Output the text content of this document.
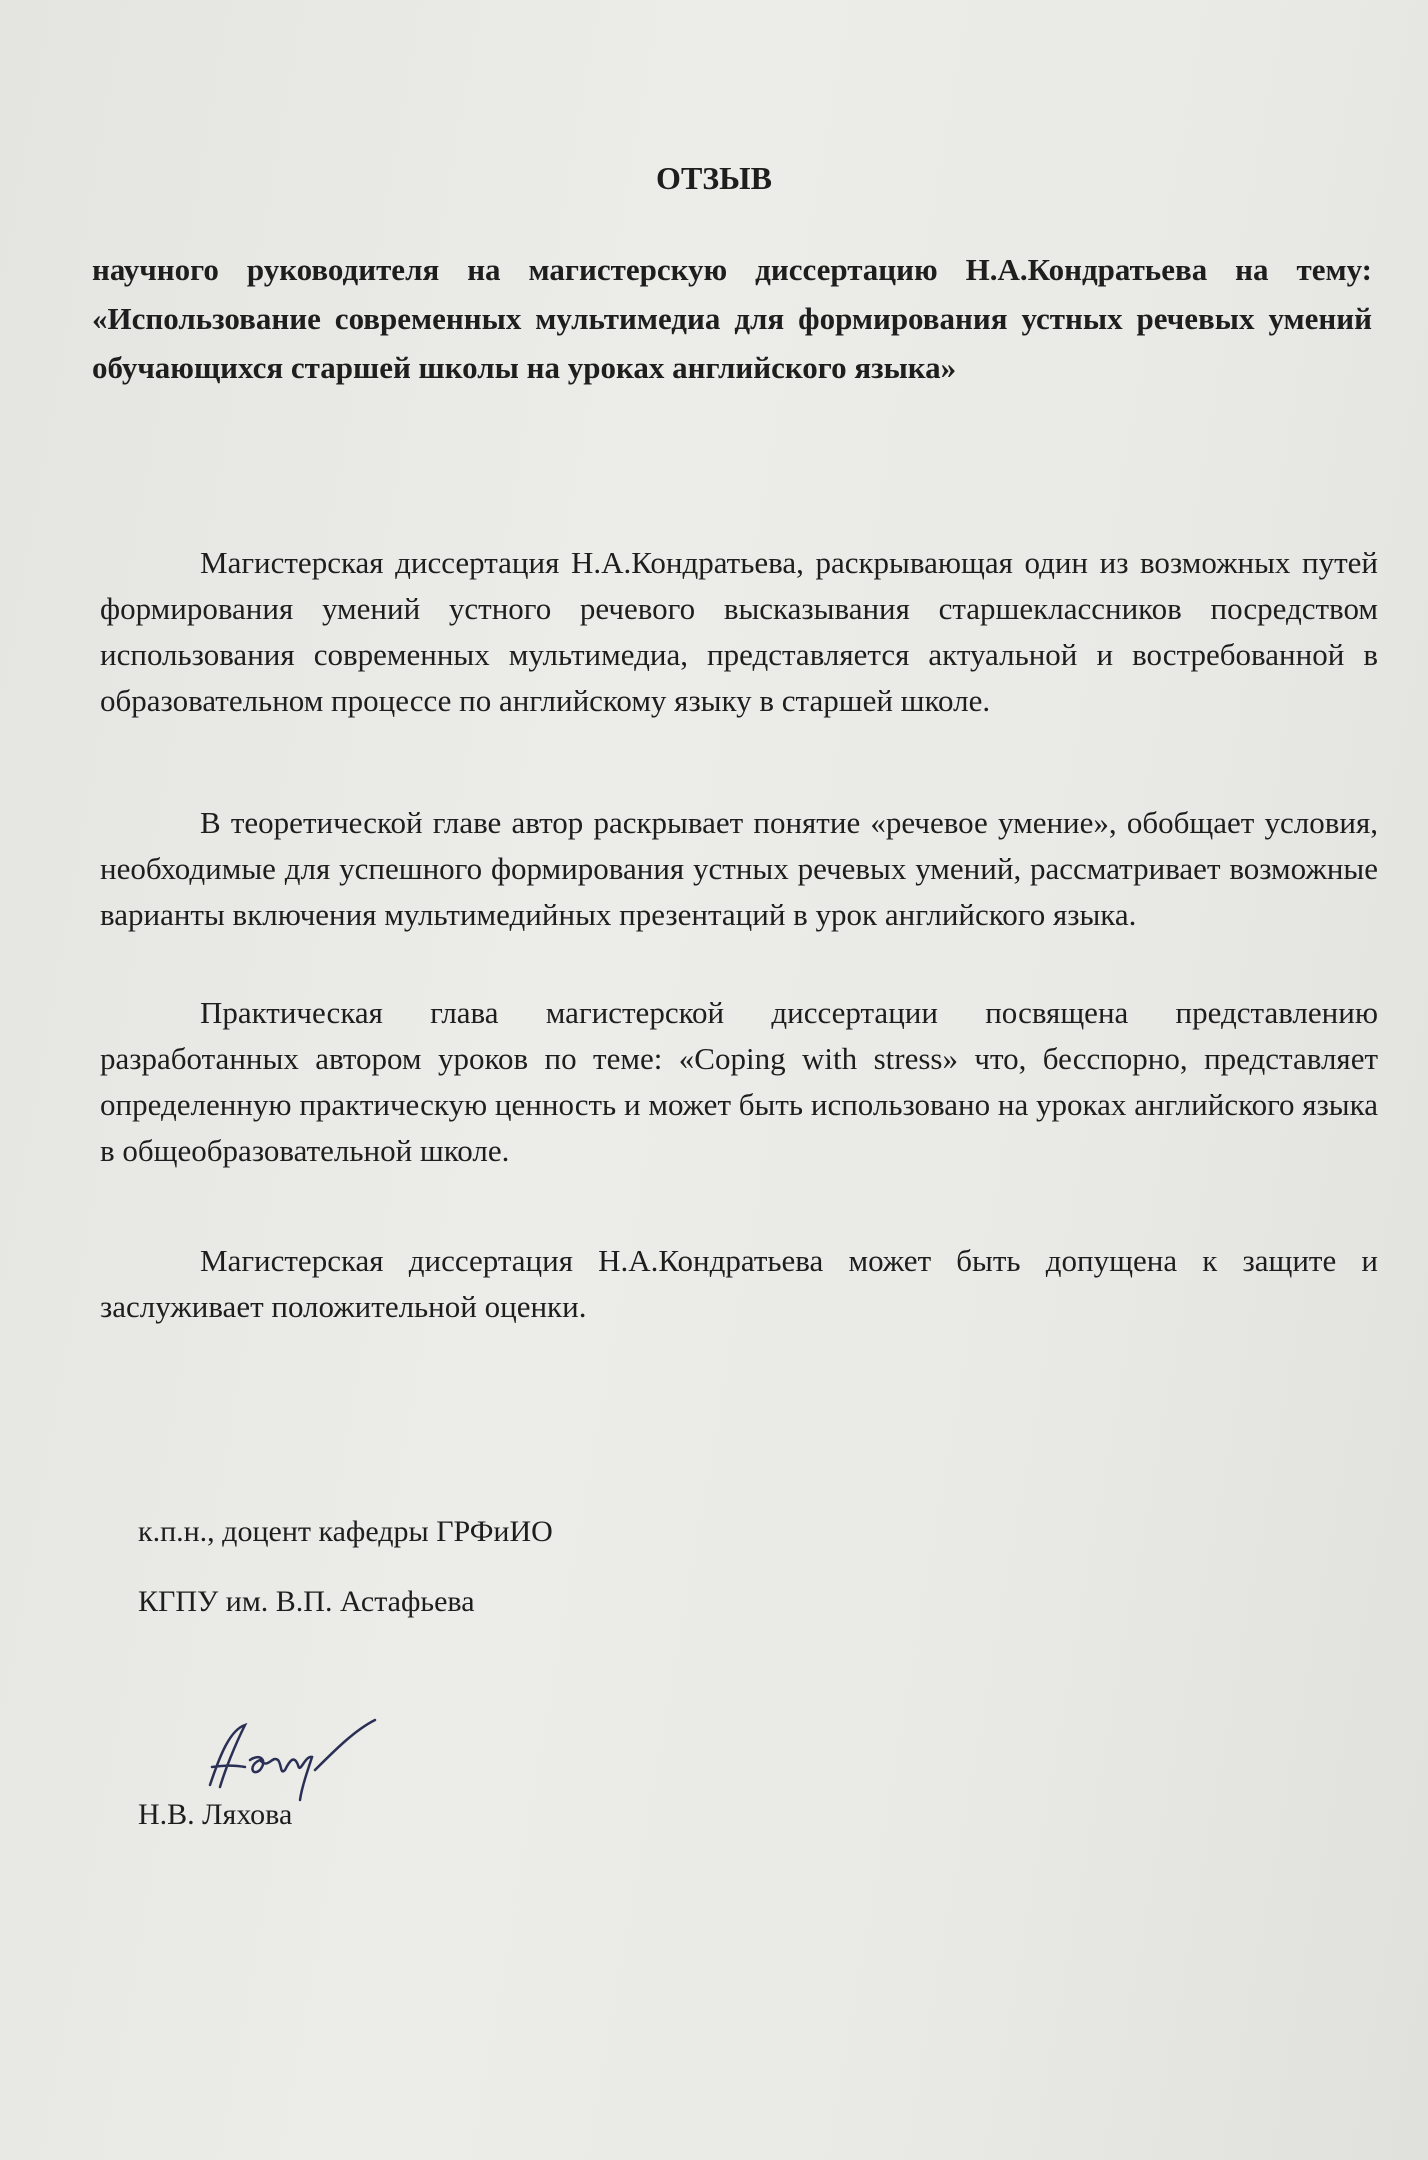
ОТЗЫВ
научного руководителя на магистерскую диссертацию Н.А.Кондратьева на тему: «Использование современных мультимедиа для формирования устных речевых умений обучающихся старшей школы на уроках английского языка»

Магистерская диссертация Н.А.Кондратьева, раскрывающая один из возможных путей формирования умений устного речевого высказывания старшеклассников посредством использования современных мультимедиа, представляется актуальной и востребованной в образовательном процессе по английскому языку в старшей школе.

В теоретической главе автор раскрывает понятие «речевое умение», обобщает условия, необходимые для успешного формирования устных речевых умений, рассматривает возможные варианты включения мультимедийных презентаций в урок английского языка.

Практическая глава магистерской диссертации посвящена представлению разработанных автором уроков по теме: «Coping with stress» что, бесспорно, представляет определенную практическую ценность и может быть использовано на уроках английского языка в общеобразовательной школе.

Магистерская диссертация Н.А.Кондратьева может быть допущена к защите и заслуживает положительной оценки.

к.п.н., доцент кафедры ГРФиИО
КГПУ им. В.П. Астафьева
Н.В. Ляхова
